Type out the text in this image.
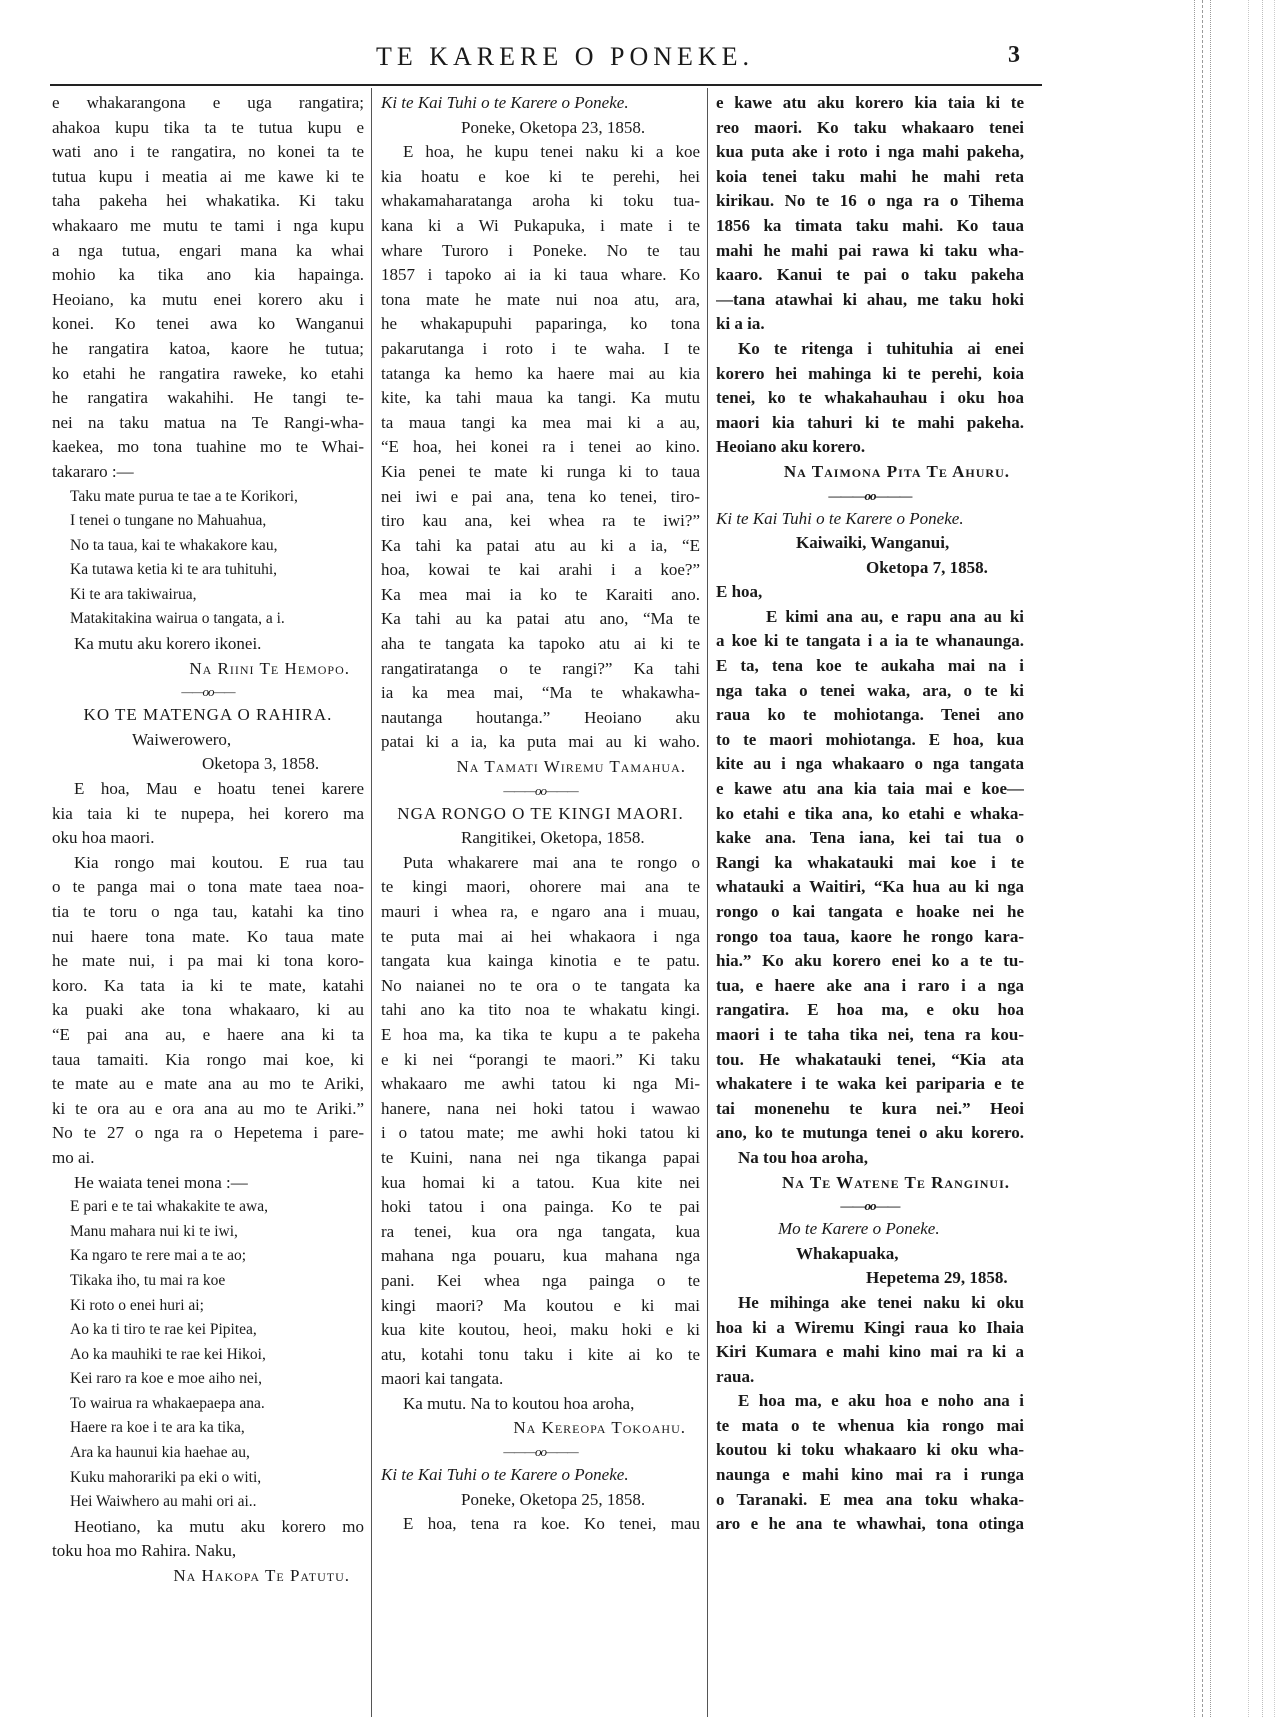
TE KARERE O PONEKE.	3
e whakarangona e uga rangatira;
ahakoa kupu tika ta te tutua kupu e
wati ano i te rangatira, no konei ta te
tutua kupu i meatia ai me kawe ki te
taha pakeha hei whakatika. Ki taku
whakaaro me mutu te tami i nga kupu
a nga tutua, engari mana ka whai
mohio ka tika ano kia hapainga.
Heoiano, ka mutu enei korero aku i
konei. Ko tenei awa ko Wanganui
he rangatira katoa, kaore he tutua;
ko etahi he rangatira raweke, ko etahi
he rangatira wakahihi. He tangi te-
nei na taku matua na Te Rangi-wha-
kaekea, mo tona tuahine mo te Whai-
takararo :—
Taku mate purua te tae a te Korikori,
I tenei o tungane no Mahuahua,
No ta taua, kai te whakakore kau,
Ka tutawa ketia ki te ara tuhituhi,
Ki te ara takiwairua,
Matakitakina wairua o tangata, a i.
Ka mutu aku korero ikonei.
Na Riini Te Hemopo.
——oo——
KO TE MATENGA O RAHIRA.
Waiwerowero,
Oketopa 3, 1858.
E hoa, Mau e hoatu tenei karere
kia taia ki te nupepa, hei korero ma
oku hoa maori.
Kia rongo mai koutou. E rua tau
o te panga mai o tona mate taea noa-
tia te toru o nga tau, katahi ka tino
nui haere tona mate. Ko taua mate
he mate nui, i pa mai ki tona koro-
koro. Ka tata ia ki te mate, katahi
ka puaki ake tona whakaaro, ki au
“E pai ana au, e haere ana ki ta
taua tamaiti. Kia rongo mai koe, ki
te mate au e mate ana au mo te Ariki,
ki te ora au e ora ana au mo te Ariki.”
No te 27 o nga ra o Hepetema i pare-
mo ai.
He waiata tenei mona :—
E pari e te tai whakakite te awa,
Manu mahara nui ki te iwi,
Ka ngaro te rere mai a te ao;
Tikaka iho, tu mai ra koe
Ki roto o enei huri ai;
Ao ka ti tiro te rae kei Pipitea,
Ao ka mauhiki te rae kei Hikoi,
Kei raro ra koe e moe aiho nei,
To wairua ra whakaepaepa ana.
Haere ra koe i te ara ka tika,
Ara ka haunui kia haehae au,
Kuku mahorariki pa eki o witi,
Hei Waiwhero au mahi ori ai..
Heotiano, ka mutu aku korero mo
toku hoa mo Rahira. Naku,
Na Hakopa Te Patutu.
Ki te Kai Tuhi o te Karere o Poneke.
Poneke, Oketopa 23, 1858.
E hoa, he kupu tenei naku ki a koe
kia hoatu e koe ki te perehi, hei
whakamaharatanga aroha ki toku tua-
kana ki a Wi Pukapuka, i mate i te
whare Turoro i Poneke. No te tau
1857 i tapoko ai ia ki taua whare. Ko
tona mate he mate nui noa atu, ara,
he whakapupuhi paparinga, ko tona
pakarutanga i roto i te waha. I te
tatanga ka hemo ka haere mai au kia
kite, ka tahi maua ka tangi. Ka mutu
ta maua tangi ka mea mai ki a au,
“E hoa, hei konei ra i tenei ao kino.
Kia penei te mate ki runga ki to taua
nei iwi e pai ana, tena ko tenei, tiro-
tiro kau ana, kei whea ra te iwi?”
Ka tahi ka patai atu au ki a ia, “E
hoa, kowai te kai arahi i a koe?”
Ka mea mai ia ko te Karaiti ano.
Ka tahi au ka patai atu ano, “Ma te
aha te tangata ka tapoko atu ai ki te
rangatiratanga o te rangi?” Ka tahi
ia ka mea mai, “Ma te whakawha-
nautanga houtanga.” Heoiano aku
patai ki a ia, ka puta mai au ki waho.
Na Tamati Wiremu Tamahua.
———oo———
NGA RONGO O TE KINGI MAORI.
Rangitikei, Oketopa, 1858.
Puta whakarere mai ana te rongo o
te kingi maori, ohorere mai ana te
mauri i whea ra, e ngaro ana i muau,
te puta mai ai hei whakaora i nga
tangata kua kainga kinotia e te patu.
No naianei no te ora o te tangata ka
tahi ano ka tito noa te whakatu kingi.
E hoa ma, ka tika te kupu a te pakeha
e ki nei “porangi te maori.” Ki taku
whakaaro me awhi tatou ki nga Mi-
hanere, nana nei hoki tatou i wawao
i o tatou mate; me awhi hoki tatou ki
te Kuini, nana nei nga tikanga papai
kua homai ki a tatou. Kua kite nei
hoki tatou i ona painga. Ko te pai
ra tenei, kua ora nga tangata, kua
mahana nga pouaru, kua mahana nga
pani. Kei whea nga painga o te
kingi maori? Ma koutou e ki mai
kua kite koutou, heoi, maku hoki e ki
atu, kotahi tonu taku i kite ai ko te
maori kai tangata.
Ka mutu. Na to koutou hoa aroha,
Na Kereopa Tokoahu.
———oo———
Ki te Kai Tuhi o te Karere o Poneke.
Poneke, Oketopa 25, 1858.
E hoa, tena ra koe. Ko tenei, mau
e kawe atu aku korero kia taia ki te
reo maori. Ko taku whakaaro tenei
kua puta ake i roto i nga mahi pakeha,
koia tenei taku mahi he mahi reta
kirikau. No te 16 o nga ra o Tihema
1856 ka timata taku mahi. Ko taua
mahi he mahi pai rawa ki taku wha-
kaaro. Kanui te pai o taku pakeha
—tana atawhai ki ahau, me taku hoki
ki a ia.
Ko te ritenga i tuhituhia ai enei
korero hei mahinga ki te perehi, koia
tenei, ko te whakahauhau i oku hoa
maori kia tahuri ki te mahi pakeha.
Heoiano aku korero.
Na Taimona Pita Te Ahuru.
———oo———
Ki te Kai Tuhi o te Karere o Poneke.
Kaiwaiki, Wanganui,
Oketopa 7, 1858.
E hoa,
E kimi ana au, e rapu ana au ki
a koe ki te tangata i a ia te whanaunga.
E ta, tena koe te aukaha mai na i
nga taka o tenei waka, ara, o te ki
raua ko te mohiotanga. Tenei ano
to te maori mohiotanga. E hoa, kua
kite au i nga whakaaro o nga tangata
e kawe atu ana kia taia mai e koe—
ko etahi e tika ana, ko etahi e whaka-
kake ana. Tena iana, kei tai tua o
Rangi ka whakatauki mai koe i te
whatauki a Waitiri, “Ka hua au ki nga
rongo o kai tangata e hoake nei he
rongo toa taua, kaore he rongo kara-
hia.” Ko aku korero enei ko a te tu-
tua, e haere ake ana i raro i a nga
rangatira. E hoa ma, e oku hoa
maori i te taha tika nei, tena ra kou-
tou. He whakatauki tenei, “Kia ata
whakatere i te waka kei pariparia e te
tai monenehu te kura nei.” Heoi
ano, ko te mutunga tenei o aku korero.
Na tou hoa aroha,
Na Te Watene Te Ranginui.
——oo——
Mo te Karere o Poneke.
Whakapuaka,
Hepetema 29, 1858.
He mihinga ake tenei naku ki oku
hoa ki a Wiremu Kingi raua ko Ihaia
Kiri Kumara e mahi kino mai ra ki a
raua.
E hoa ma, e aku hoa e noho ana i
te mata o te whenua kia rongo mai
koutou ki toku whakaaro ki oku wha-
naunga e mahi kino mai ra i runga
o Taranaki. E mea ana toku whaka-
aro e he ana te whawhai, tona otinga
